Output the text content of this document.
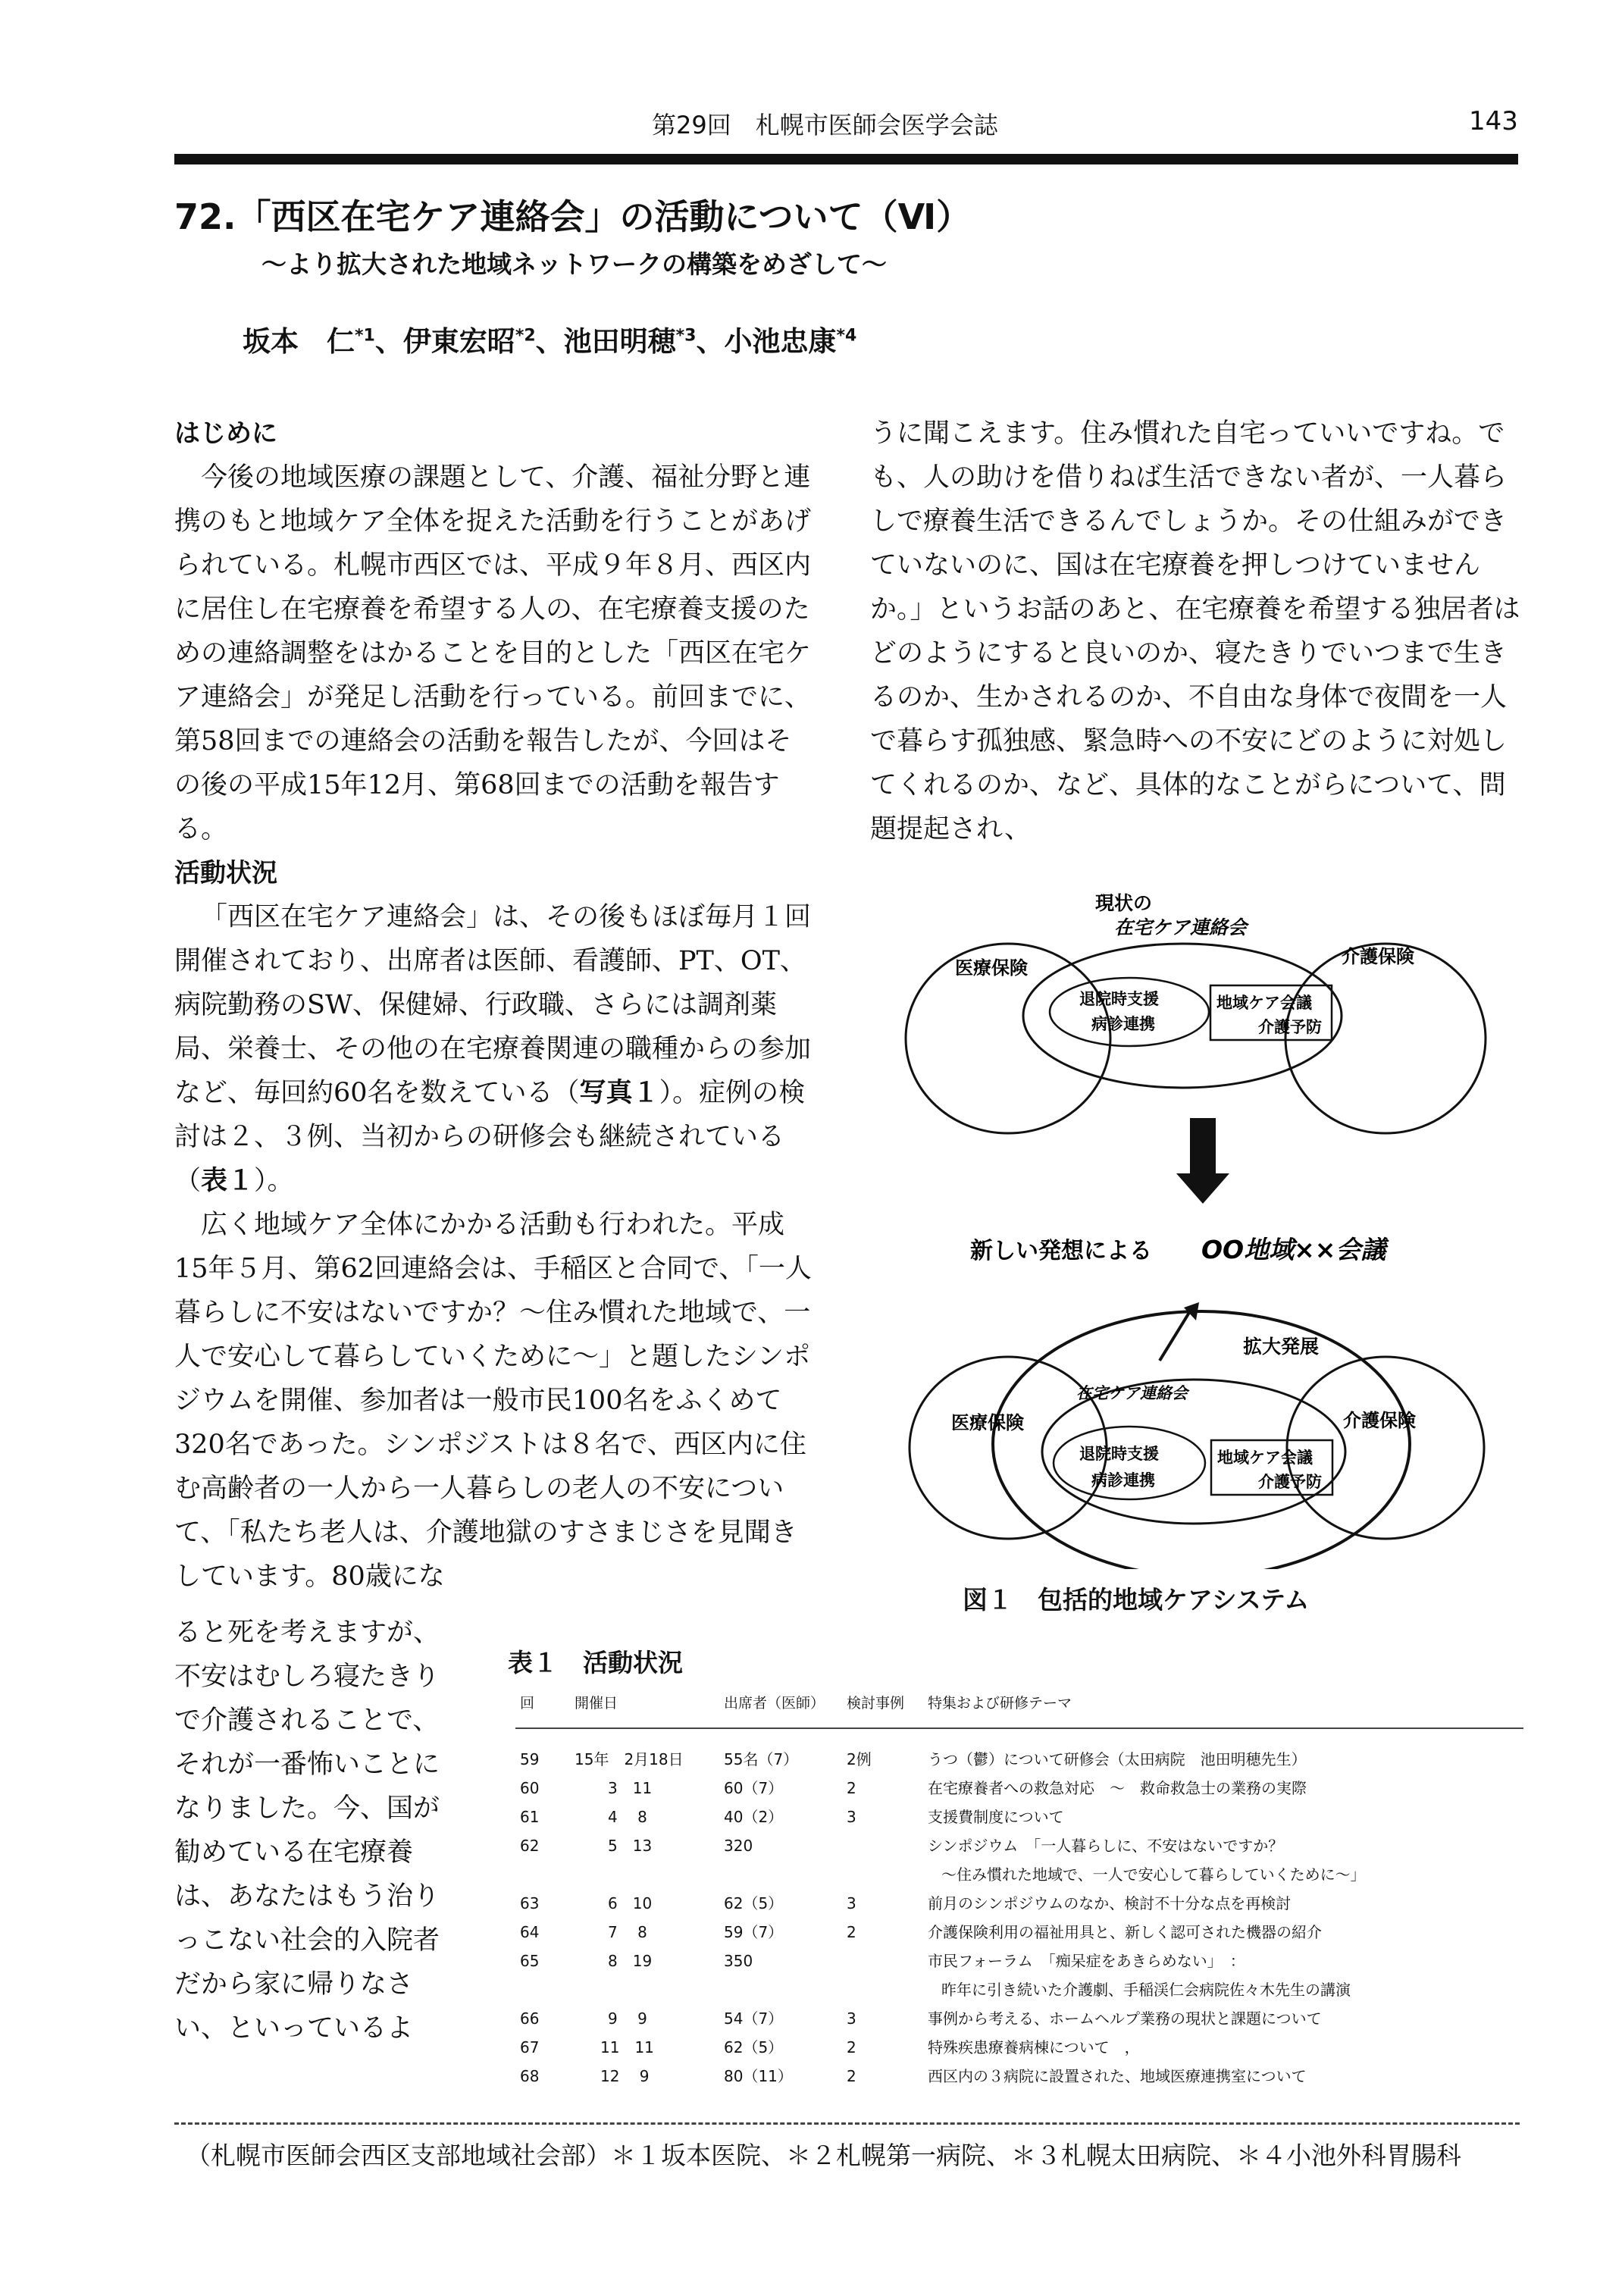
第29回　札幌市医師会医学会誌	143
72.「西区在宅ケア連絡会」の活動について（Ⅵ）
～より拡大された地域ネットワークの構築をめざして～
坂本　仁$^{*1}$、伊東宏昭$^{*2}$、池田明穂$^{*3}$、小池忠康$^{*4}$
はじめに

今後の地域医療の課題として、介護、福祉分野と連携のもと地域ケア全体を捉えた活動を行うことがあげられている。札幌市西区では、平成９年８月、西区内に居住し在宅療養を希望する人の、在宅療養支援のための連絡調整をはかることを目的とした「西区在宅ケア連絡会」が発足し活動を行っている。前回までに、第58回までの連絡会の活動を報告したが、今回はその後の平成15年12月、第68回までの活動を報告する。

活動状況

「西区在宅ケア連絡会」は、その後もほぼ毎月１回開催されており、出席者は医師、看護師、PT、OT、病院勤務のSW、保健婦、行政職、さらには調剤薬局、栄養士、その他の在宅療養関連の職種からの参加など、毎回約60名を数えている（写真１）。症例の検討は２、３例、当初からの研修会も継続されている（表１）。

広く地域ケア全体にかかる活動も行われた。平成15年５月、第62回連絡会は、手稲区と合同で、「一人暮らしに不安はないですか？～住み慣れた地域で、一人で安心して暮らしていくために～」と題したシンポジウムを開催、参加者は一般市民100名をふくめて320名であった。シンポジストは８名で、西区内に住む高齢者の一人から一人暮らしの老人の不安について、「私たち老人は、介護地獄のすさまじさを見聞きしています。80歳にな

ると死を考えますが、不安はむしろ寝たきりで介護されることで、それが一番怖いことになりました。今、国が勧めている在宅療養は、あなたはもう治りっこない社会的入院者だから家に帰りなさい、といっているよ

うに聞こえます。住み慣れた自宅っていいですね。でも、人の助けを借りねば生活できない者が、一人暮らしで療養生活できるんでしょうか。その仕組みができていないのに、国は在宅療養を押しつけていませんか。」というお話のあと、在宅療養を希望する独居者はどのようにすると良いのか、寝たきりでいつまで生きるのか、生かされるのか、不自由な身体で夜間を一人で暮らす孤独感、緊急時への不安にどのように対処してくれるのか、など、具体的なことがらについて、問題提起され、

現状の
在宅ケア連絡会
医療保険
介護保険
退院時支援
病診連携
地域ケア会議
介護予防
新しい発想による OO地域××会議
拡大発展
在宅ケア連絡会
医療保険	介護保険
退院時支援
病診連携
地域ケア会議
介護予防
図１　包括的地域ケアシステム
表１　活動状況
回	開催日	出席者（医師）	検討事例	特集および研修テーマ
59	15年　2月18日	55名（7）	2例	うつ（鬱）について研修会（太田病院　池田明穂先生）
60	3　11	60（7）	2	在宅療養者への救急対応　～　救命救急士の業務の実際
61	4　 8	40（2）	3	支援費制度について
62	5　13	320		シンポジウム　「一人暮らしに、不安はないですか？
				～住み慣れた地域で、一人で安心して暮らしていくために～」
63	6　10	62（5）	3	前月のシンポジウムのなか、検討不十分な点を再検討
64	7　 8	59（7）	2	介護保険利用の福祉用具と、新しく認可された機器の紹介
65	8　19	350		市民フォーラム　「痴呆症をあきらめない」　：
				昨年に引き続いた介護劇、手稲渓仁会病院佐々木先生の講演
66	9　 9	54（7）	3	事例から考える、ホームヘルプ業務の現状と課題について
67	11　11	62（5）	2	特殊疾患療養病棟について　，
68	12　 9	80（11）	2	西区内の３病院に設置された、地域医療連携室について
（札幌市医師会西区支部地域社会部）＊１坂本医院、＊２札幌第一病院、＊３札幌太田病院、＊４小池外科胃腸科
